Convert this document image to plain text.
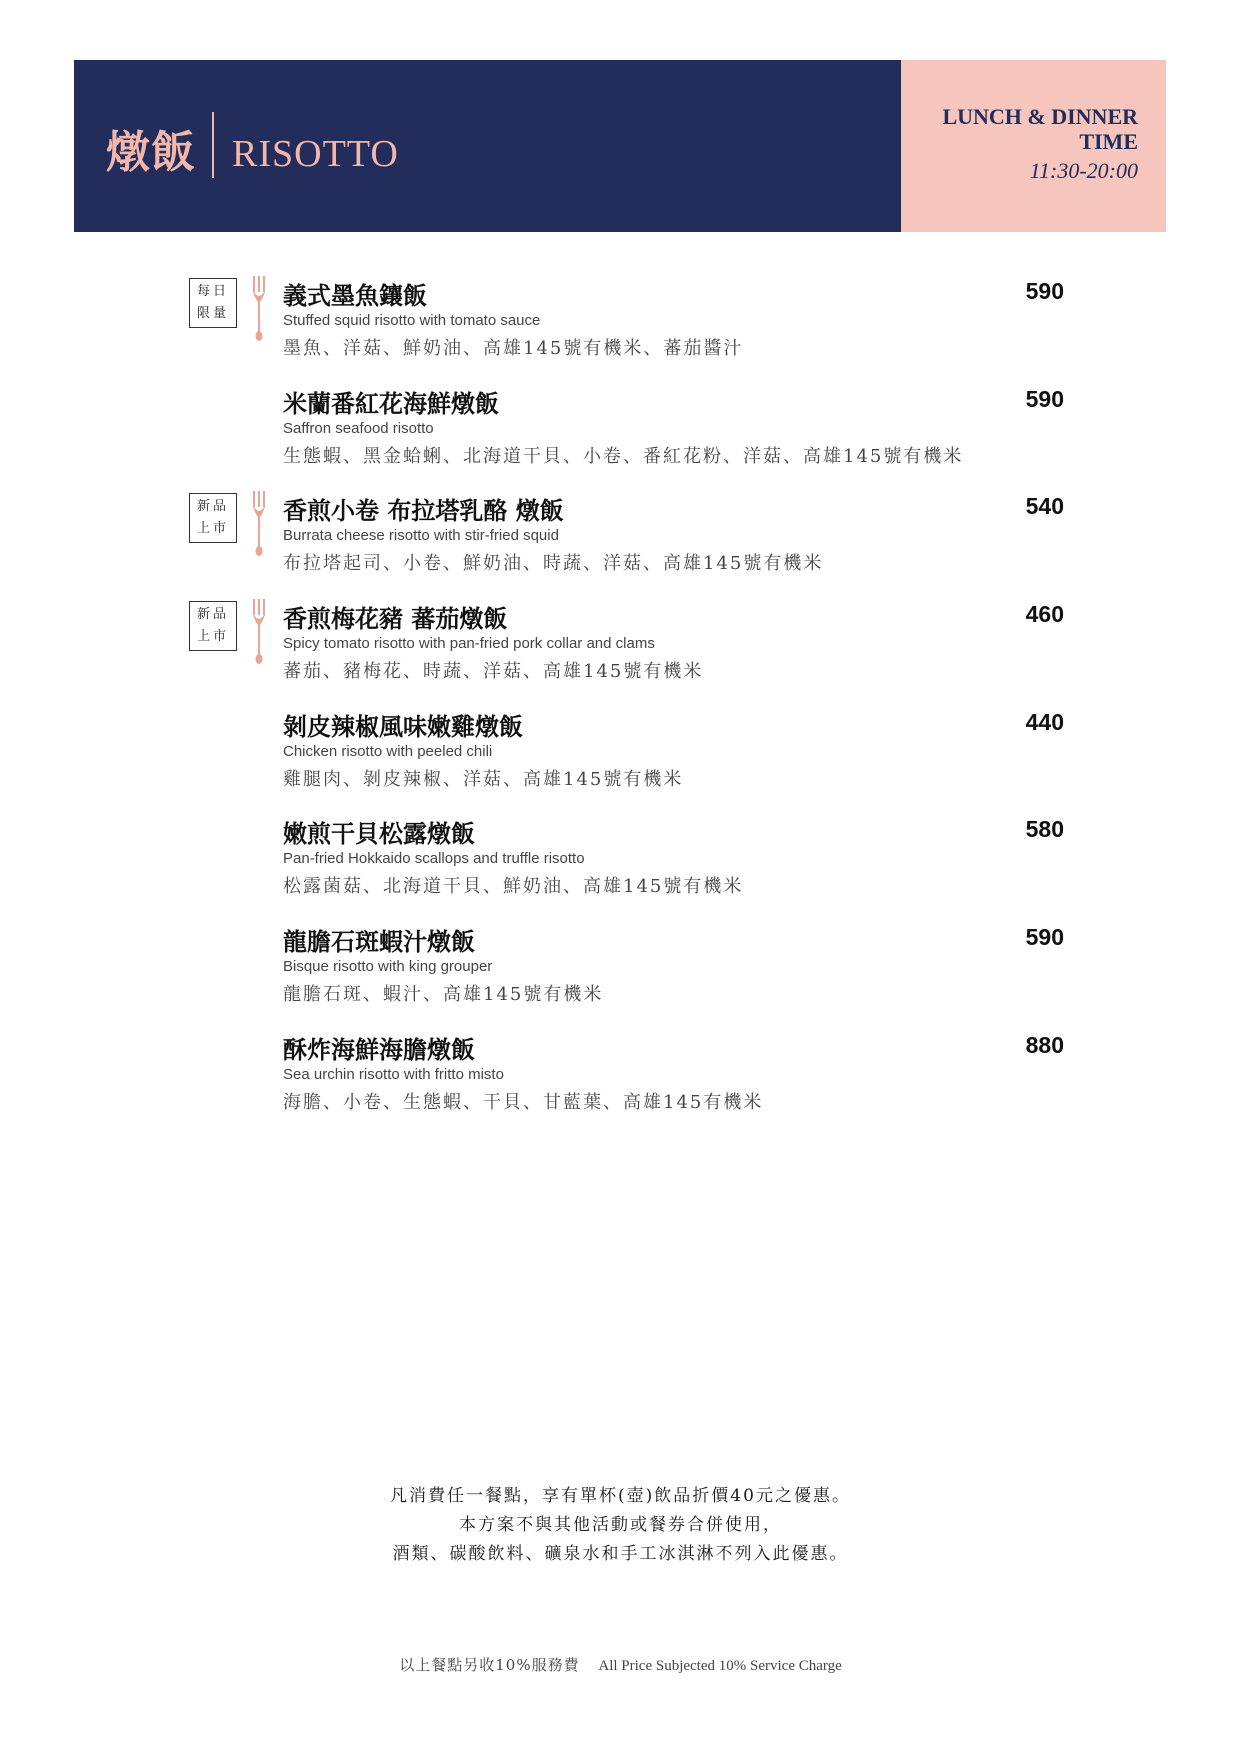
燉飯 RISOTTO
LUNCH & DINNER
TIME
11:30-20:00
每日
限量
義式墨魚鑲飯
Stuffed squid risotto with tomato sauce
墨魚、洋菇、鮮奶油、高雄145號有機米、蕃茄醬汁
590
米蘭番紅花海鮮燉飯
Saffron seafood risotto
生態蝦、黑金蛤蜊、北海道干貝、小卷、番紅花粉、洋菇、高雄145號有機米
590
新品
上市
香煎小卷 布拉塔乳酪 燉飯
Burrata cheese risotto with stir-fried squid
布拉塔起司、小卷、鮮奶油、時蔬、洋菇、高雄145號有機米
540
新品
上市
香煎梅花豬 蕃茄燉飯
Spicy tomato risotto with pan-fried pork collar and clams
蕃茄、豬梅花、時蔬、洋菇、高雄145號有機米
460
剝皮辣椒風味嫩雞燉飯
Chicken risotto with peeled chili
雞腿肉、剝皮辣椒、洋菇、高雄145號有機米
440
嫩煎干貝松露燉飯
Pan-fried Hokkaido scallops and truffle risotto
松露菌菇、北海道干貝、鮮奶油、高雄145號有機米
580
龍膽石斑蝦汁燉飯
Bisque risotto with king grouper
龍膽石斑、蝦汁、高雄145號有機米
590
酥炸海鮮海膽燉飯
Sea urchin risotto with fritto misto
海膽、小卷、生態蝦、干貝、甘藍葉、高雄145有機米
880
凡消費任一餐點，享有單杯(壺)飲品折價40元之優惠。
本方案不與其他活動或餐券合併使用，
酒類、碳酸飲料、礦泉水和手工冰淇淋不列入此優惠。
以上餐點另收10%服務費 All Price Subjected 10% Service Charge
